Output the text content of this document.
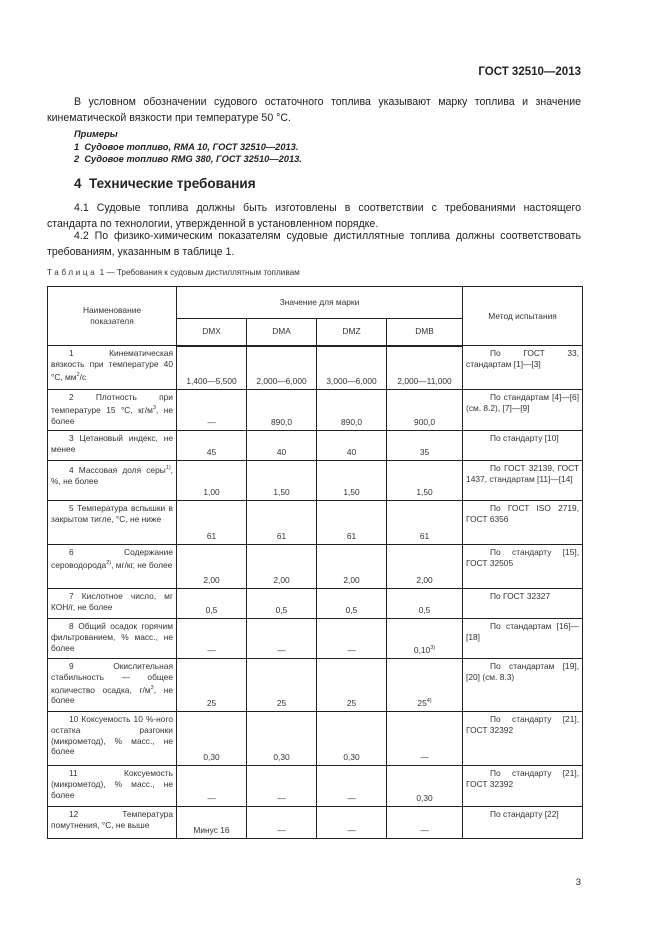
ГОСТ 32510—2013
В условном обозначении судового остаточного топлива указывают марку топлива и значение кинематической вязкости при температуре 50 °С.
Примеры
1  Судовое топливо, RMA 10, ГОСТ 32510—2013.
2  Судовое топливо RMG 380, ГОСТ 32510—2013.
4  Технические требования
4.1 Судовые топлива должны быть изготовлены в соответствии с требованиями настоящего стандарта по технологии, утвержденной в установленном порядке.
4.2 По физико-химическим показателям судовые дистиллятные топлива должны соответствовать требованиям, указанным в таблице 1.
Таблица 1 — Требования к судовым дистиллятным топливам
Наименование показателя	Значение для марки				Метод испытания
	DMX	DMA	DMZ	DMB	

1 Кинематическая вязкость при температуре 40 °С, $мм^2/с$	1,400—5,500	2,000—6,000	3,000—6,000	2,000—11,000	По ГОСТ 33, стандартам [1]—[3]

2 Плотность при температуре 15 °С, $кг/м^3$, не более	—	890,0	890,0	900,0	По стандартам [4]—[6] (см. 8.2), [7]—[9]

3 Цетановый индекс, не менее	45	40	40	35	По стандарту [10]

4 Массовая доля серы$^{1)}$, %, не более	1,00	1,50	1,50	1,50	По ГОСТ 32139, ГОСТ 1437, стандартам [11]—[14]

5 Температура вспышки в закрытом тигле, °С, не ниже	61	61	61	61	По ГОСТ ISO 2719, ГОСТ 6356

6 Содержание сероводорода$^{2)}$, мг/кг, не более	2,00	2,00	2,00	2,00	По стандарту [15], ГОСТ 32505

7 Кислотное число, мг КОН/г, не более	0,5	0,5	0,5	0,5	По ГОСТ 32327

8 Общий осадок горячим фильтрованием, % масс., не более	—	—	—	0,10$^{3)}$	По стандартам [16]—[18]

9 Окислительная стабильность — общее количество осадка, $г/м^3$, не более	25	25	25	25$^{4)}$	По стандартам [19], [20] (см. 8.3)

10 Коксуемость 10 %-ного остатка разгонки (микрометод), % масс., не более	0,30	0,30	0,30	—	По стандарту [21], ГОСТ 32392

11 Коксуемость (микрометод), % масс., не более	—	—	—	0,30	По стандарту [21], ГОСТ 32392

12 Температура помутнения, °С, не выше	Минус 16	—	—	—	По стандарту [22]
3
